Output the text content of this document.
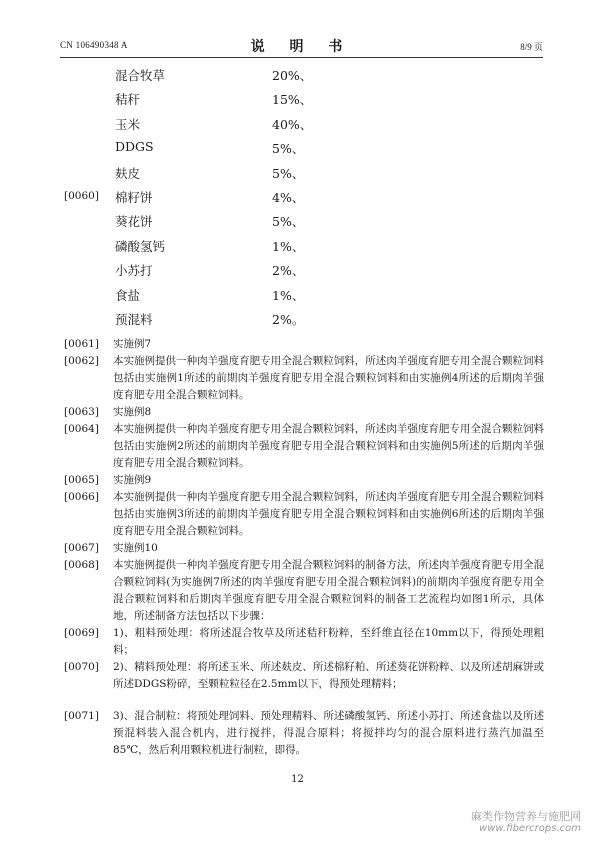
CN 106490348 A	说 明 书	8/9 页
混合牧草	20%、
秸秆	15%、
玉米	40%、
DDGS	5%、
麸皮	5%、
棉籽饼	4%、
葵花饼	5%、
磷酸氢钙	1%、
小苏打	2%、
食盐	1%、
预混料	2%。
[0060]
[0061] 实施例7
[0062] 本实施例提供一种肉羊强度育肥专用全混合颗粒饲料，所述肉羊强度育肥专用全混合颗粒饲料包括由实施例1所述的前期肉羊强度育肥专用全混合颗粒饲料和由实施例4所述的后期肉羊强度育肥专用全混合颗粒饲料。
[0063] 实施例8
[0064] 本实施例提供一种肉羊强度育肥专用全混合颗粒饲料，所述肉羊强度育肥专用全混合颗粒饲料包括由实施例2所述的前期肉羊强度育肥专用全混合颗粒饲料和由实施例5所述的后期肉羊强度育肥专用全混合颗粒饲料。
[0065] 实施例9
[0066] 本实施例提供一种肉羊强度育肥专用全混合颗粒饲料，所述肉羊强度育肥专用全混合颗粒饲料包括由实施例3所述的前期肉羊强度育肥专用全混合颗粒饲料和由实施例6所述的后期肉羊强度育肥专用全混合颗粒饲料。
[0067] 实施例10
[0068] 本实施例提供一种肉羊强度育肥专用全混合颗粒饲料的制备方法，所述肉羊强度育肥专用全混合颗粒饲料(为实施例7所述的肉羊强度育肥专用全混合颗粒饲料)的前期肉羊强度育肥专用全混合颗粒饲料和后期肉羊强度育肥专用全混合颗粒饲料的制备工艺流程均如图1所示，具体地，所述制备方法包括以下步骤：
[0069] 1)、粗料预处理：将所述混合牧草及所述秸秆粉粹，至纤维直径在10mm以下，得预处理粗料；
[0070] 2)、精料预处理：将所述玉米、所述麸皮、所述棉籽粕、所述葵花饼粉粹、以及所述胡麻饼或所述DDGS粉碎，至颗粒粒径在2.5mm以下，得预处理精料；
[0071] 3)、混合制粒：将预处理饲料、预处理精料、所述磷酸氢钙、所述小苏打、所述食盐以及所述预混料装入混合机内，进行搅拌，得混合原料；将搅拌均匀的混合原料进行蒸汽加温至85℃，然后利用颗粒机进行制粒，即得。
12
麻类作物营养与施肥网
www.fibercrops.com
